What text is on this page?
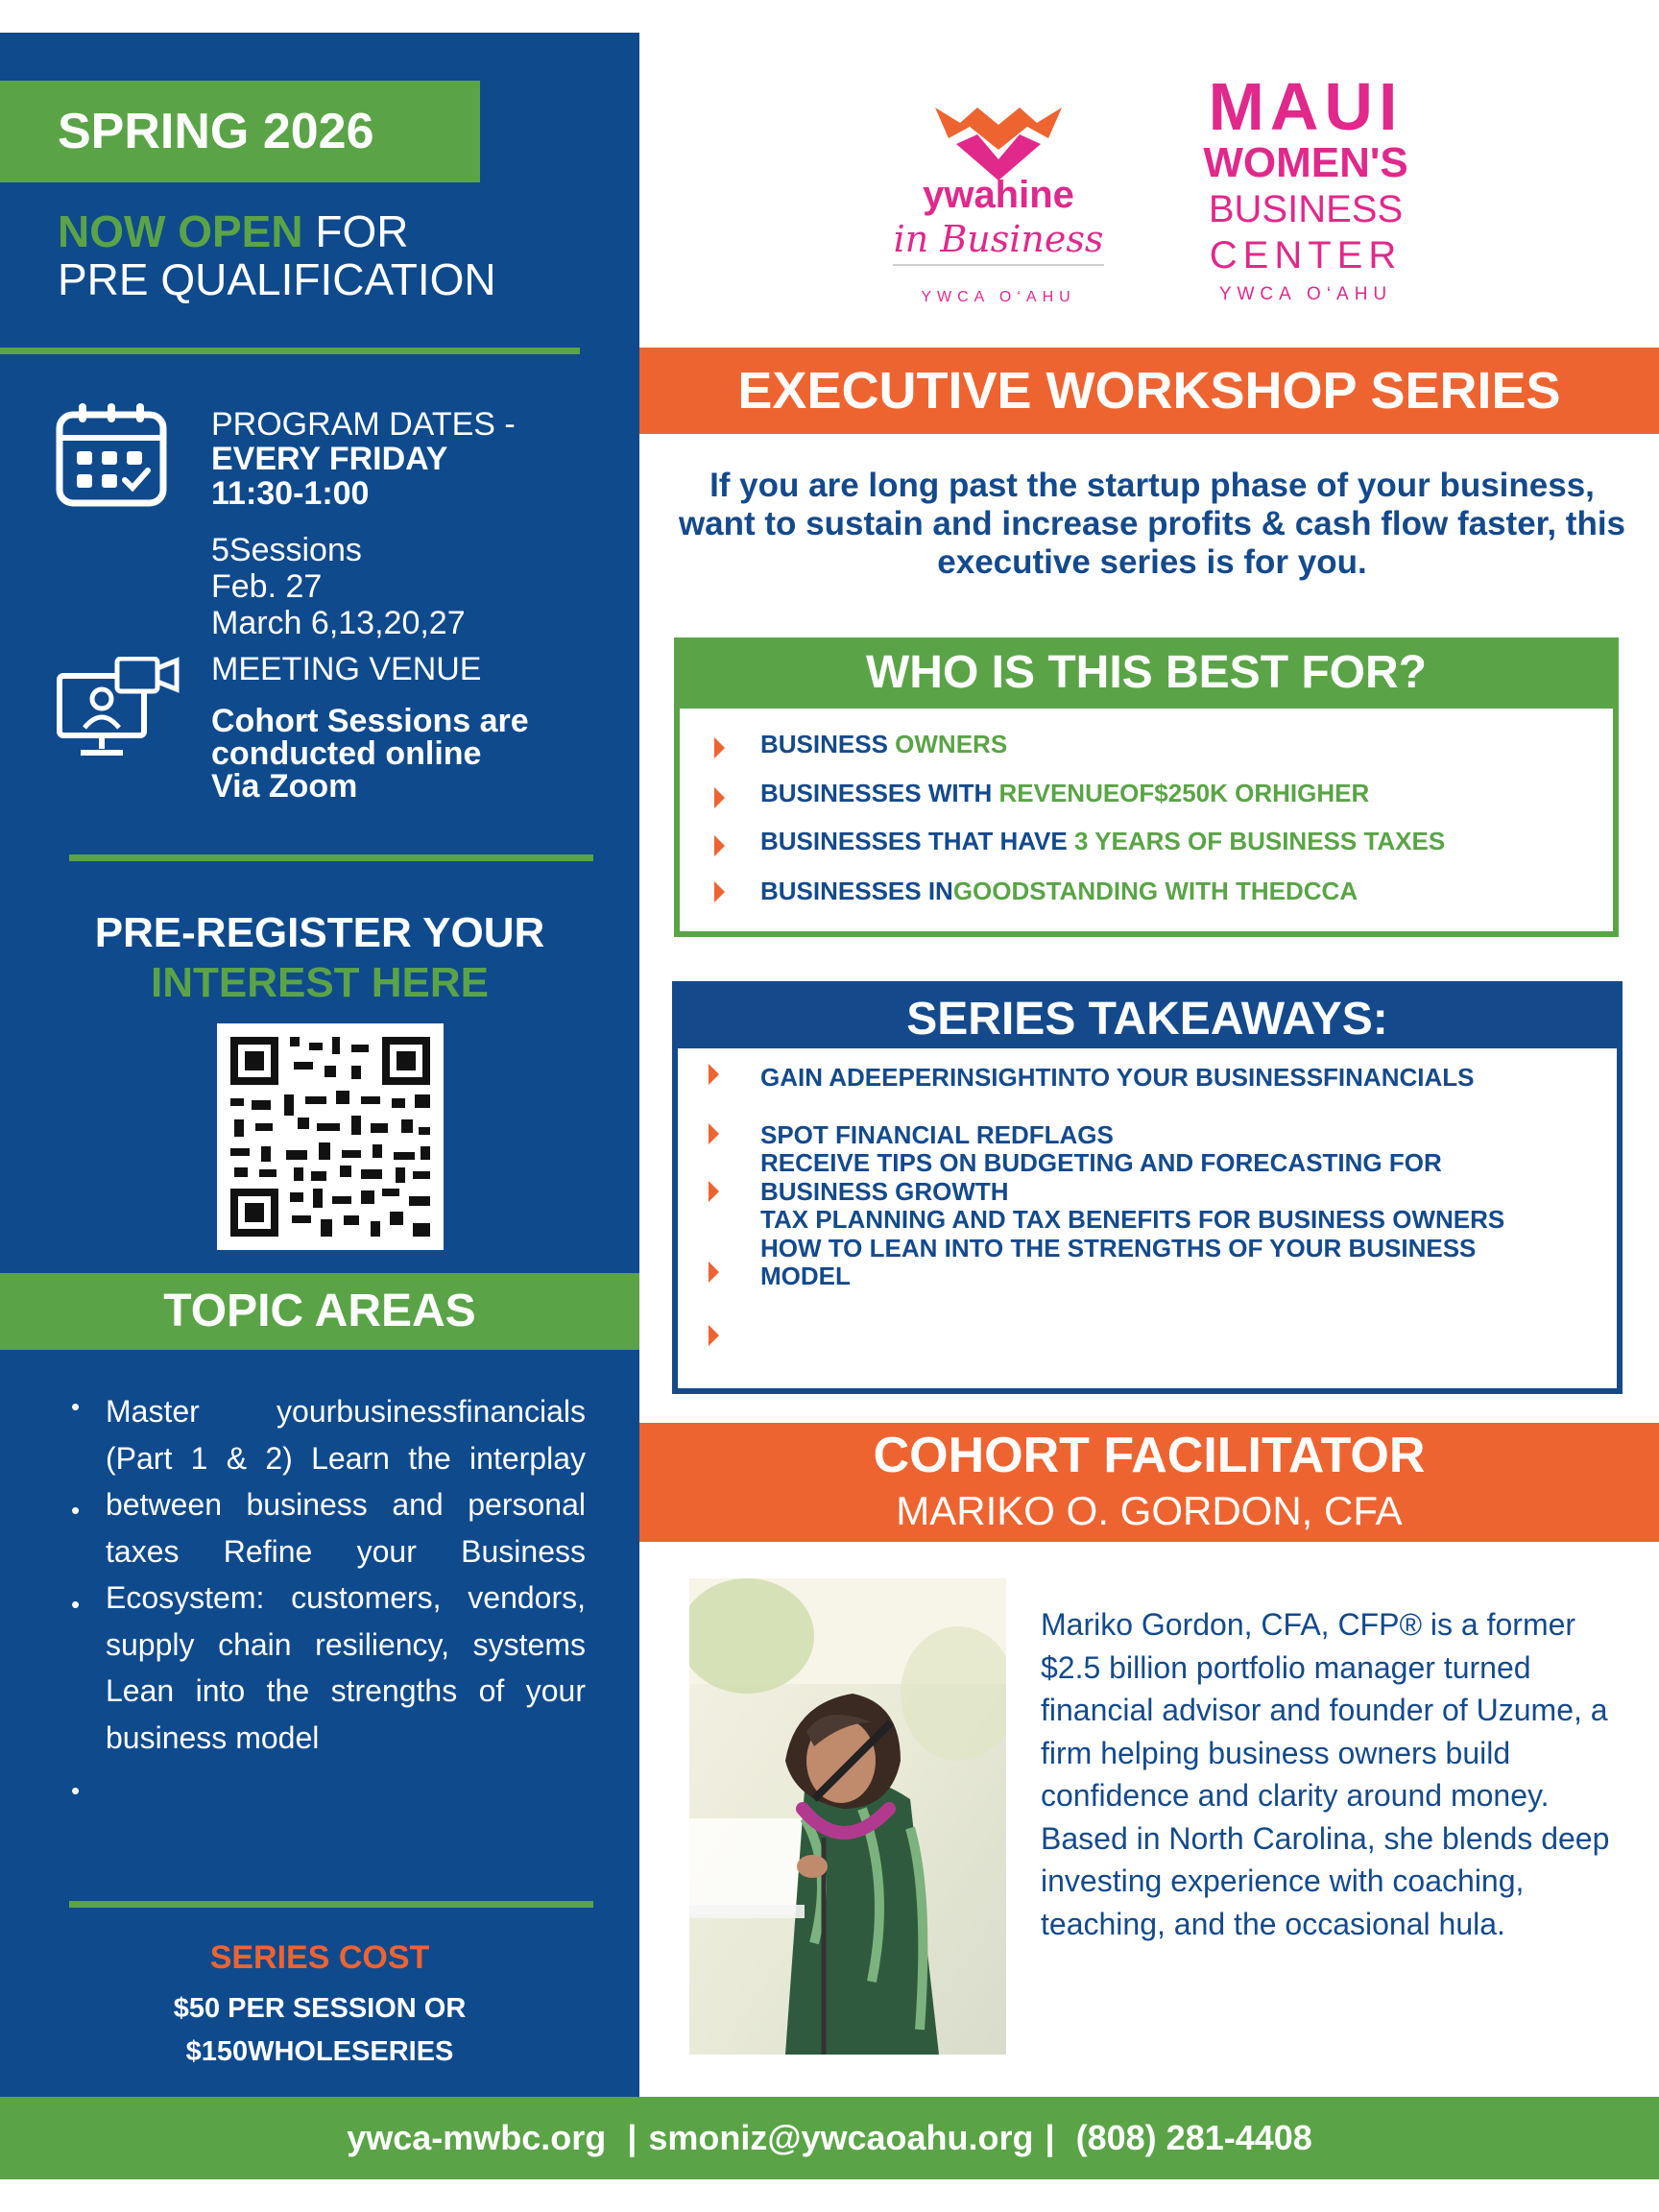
SPRING 2026
NOW OPEN FOR
PRE QUALIFICATION
PROGRAM DATES -
EVERY FRIDAY
11:30-1:00
5Sessions
Feb. 27
March 6,13,20,27
MEETING VENUE
Cohort Sessions are
conducted online
Via Zoom
PRE-REGISTER YOUR
INTEREST HERE
TOPIC AREAS
•
•
•
•
Master yourbusinessfinancials (Part 1 & 2) Learn the interplay between business and personal taxes Refine your Business Ecosystem: customers, vendors, supply chain resiliency, systems Lean into the strengths of your business model
SERIES COST
$50 PER SESSION OR
$150WHOLESERIES
ywahine
in Business
YWCA O‘AHU
MAUI
WOMEN'S
BUSINESS
CENTER
YWCA O‘AHU
EXECUTIVE WORKSHOP SERIES
If you are long past the startup phase of your business, want to sustain and increase profits & cash flow faster, this executive series is for you.
WHO IS THIS BEST FOR?
BUSINESS OWNERS
BUSINESSES WITH REVENUEOF$250K ORHIGHER
BUSINESSES THAT HAVE 3 YEARS OF BUSINESS TAXES
BUSINESSES INGOODSTANDING WITH THEDCCA
SERIES TAKEAWAYS:
GAIN ADEEPERINSIGHTINTO YOUR BUSINESSFINANCIALS
SPOT FINANCIAL REDFLAGS
RECEIVE TIPS ON BUDGETING AND FORECASTING FOR
BUSINESS GROWTH
TAX PLANNING AND TAX BENEFITS FOR BUSINESS OWNERS
HOW TO LEAN INTO THE STRENGTHS OF YOUR BUSINESS
MODEL
COHORT FACILITATOR
MARIKO O. GORDON, CFA
Mariko Gordon, CFA, CFP® is a former $2.5 billion portfolio manager turned financial advisor and founder of Uzume, a firm helping business owners build confidence and clarity around money.
Based in North Carolina, she blends deep investing experience with coaching, teaching, and the occasional hula.
ywca-mwbc.org | smoniz@ywcaoahu.org | (808) 281-4408
